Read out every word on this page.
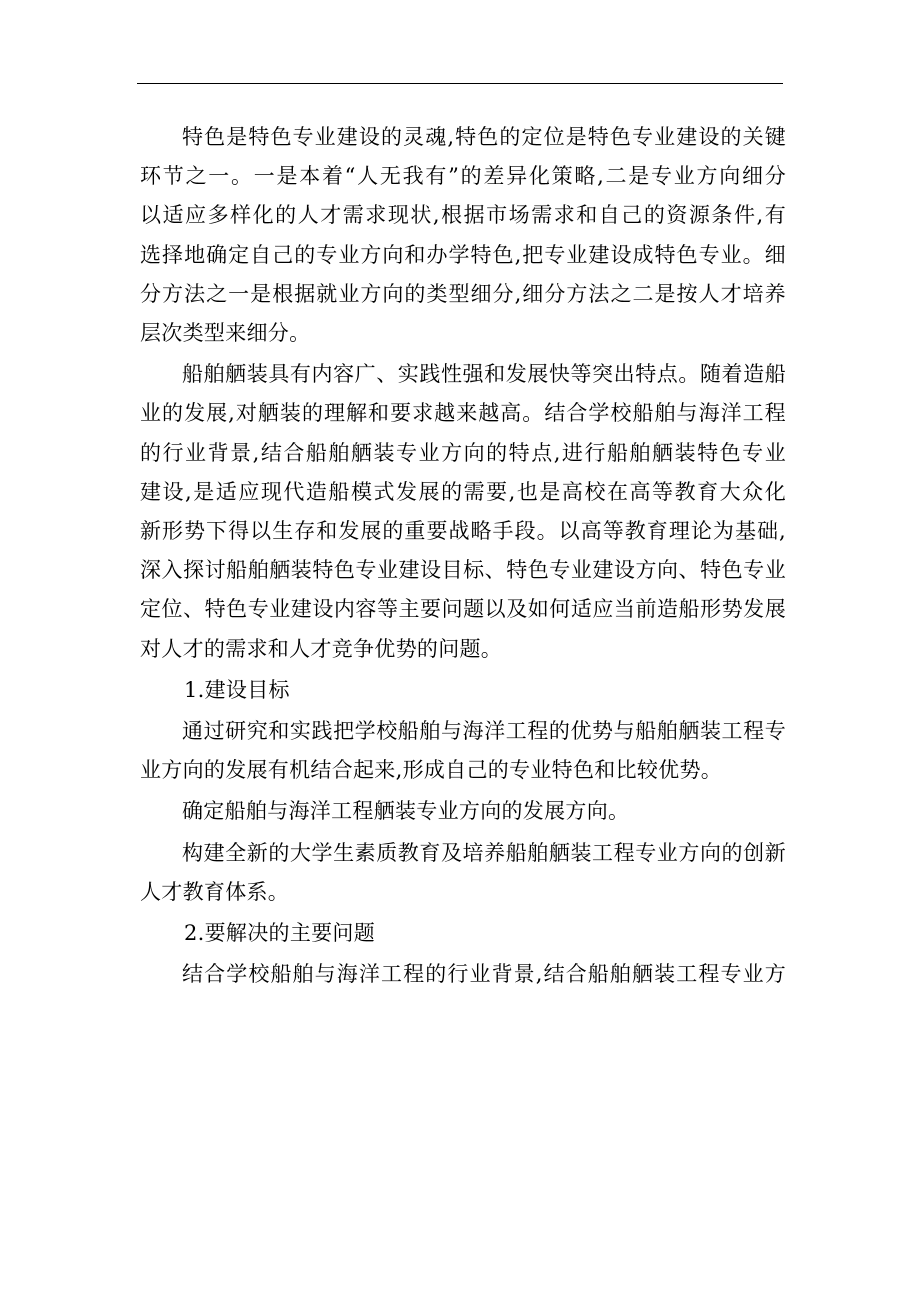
特色是特色专业建设的灵魂,特色的定位是特色专业建设的关键
环节之一。一是本着“人无我有”的差异化策略,二是专业方向细分
以适应多样化的人才需求现状,根据市场需求和自己的资源条件,有
选择地确定自己的专业方向和办学特色,把专业建设成特色专业。细
分方法之一是根据就业方向的类型细分,细分方法之二是按人才培养
层次类型来细分。
船舶舾装具有内容广、实践性强和发展快等突出特点。随着造船
业的发展,对舾装的理解和要求越来越高。结合学校船舶与海洋工程
的行业背景,结合船舶舾装专业方向的特点,进行船舶舾装特色专业
建设,是适应现代造船模式发展的需要,也是高校在高等教育大众化
新形势下得以生存和发展的重要战略手段。以高等教育理论为基础,
深入探讨船舶舾装特色专业建设目标、特色专业建设方向、特色专业
定位、特色专业建设内容等主要问题以及如何适应当前造船形势发展
对人才的需求和人才竞争优势的问题。
1.建设目标
通过研究和实践把学校船舶与海洋工程的优势与船舶舾装工程专
业方向的发展有机结合起来,形成自己的专业特色和比较优势。
确定船舶与海洋工程舾装专业方向的发展方向。
构建全新的大学生素质教育及培养船舶舾装工程专业方向的创新
人才教育体系。
2.要解决的主要问题
结合学校船舶与海洋工程的行业背景,结合船舶舾装工程专业方
